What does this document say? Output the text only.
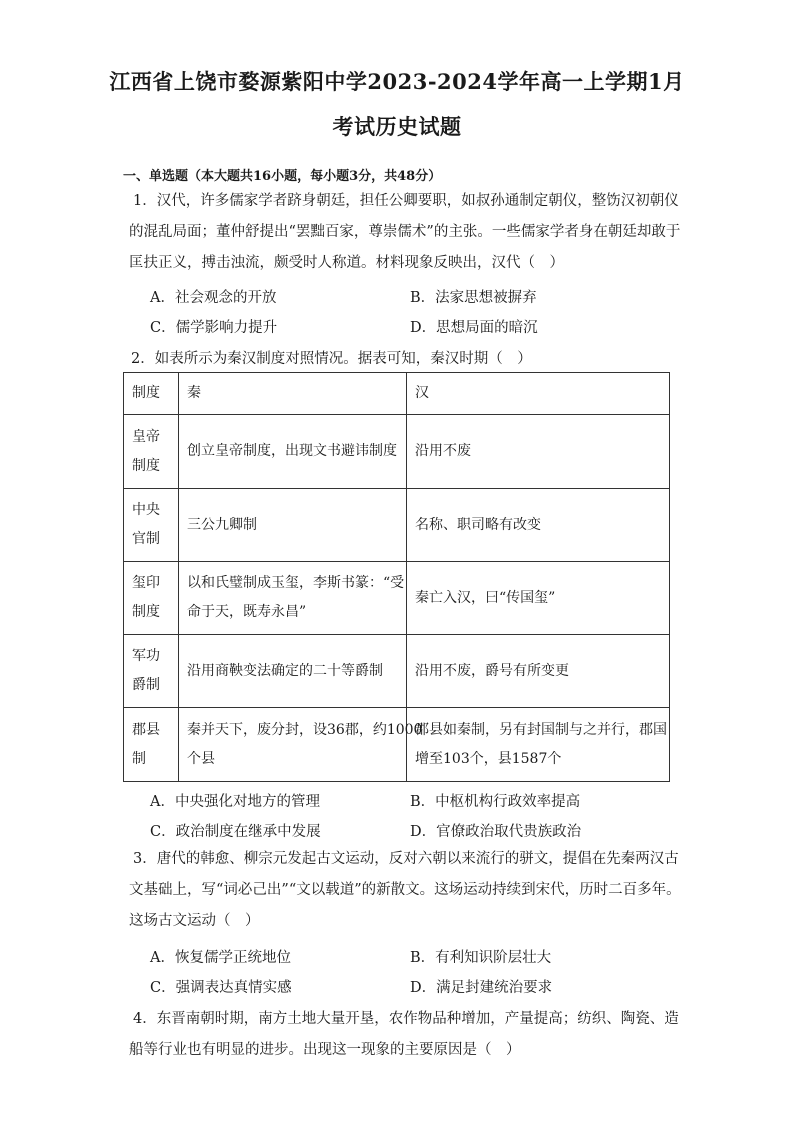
江西省上饶市婺源紫阳中学2023-2024学年高一上学期1月
考试历史试题
一、单选题（本大题共16小题，每小题3分，共48分）
1．汉代，许多儒家学者跻身朝廷，担任公卿要职，如叔孙通制定朝仪，整饬汉初朝仪
的混乱局面；董仲舒提出“罢黜百家，尊崇儒术”的主张。一些儒家学者身在朝廷却敢于
匡扶正义，搏击浊流，颇受时人称道。材料现象反映出，汉代（　）
A．社会观念的开放	B．法家思想被摒弃
C．儒学影响力提升	D．思想局面的暗沉
2．如表所示为秦汉制度对照情况。据表可知，秦汉时期（　）
制度	秦	汉

皇帝
制度	创立皇帝制度，出现文书避讳制度	沿用不废

中央
官制	三公九卿制	名称、职司略有改变

玺印
制度	以和氏璧制成玉玺，李斯书篆：“受
命于天，既寿永昌”	秦亡入汉，曰“传国玺”

军功
爵制	沿用商鞅变法确定的二十等爵制	沿用不废，爵号有所变更

郡县
制	秦并天下，废分封，设36郡，约1000
个县	郡县如秦制，另有封国制与之并行，郡国
增至103个，县1587个
A．中央强化对地方的管理	B．中枢机构行政效率提高
C．政治制度在继承中发展	D．官僚政治取代贵族政治
3．唐代的韩愈、柳宗元发起古文运动，反对六朝以来流行的骈文，提倡在先秦两汉古
文基础上，写“词必己出”“文以载道”的新散文。这场运动持续到宋代，历时二百多年。
这场古文运动（　）
A．恢复儒学正统地位	B．有利知识阶层壮大
C．强调表达真情实感	D．满足封建统治要求
4．东晋南朝时期，南方土地大量开垦，农作物品种增加，产量提高；纺织、陶瓷、造
船等行业也有明显的进步。出现这一现象的主要原因是（　）
